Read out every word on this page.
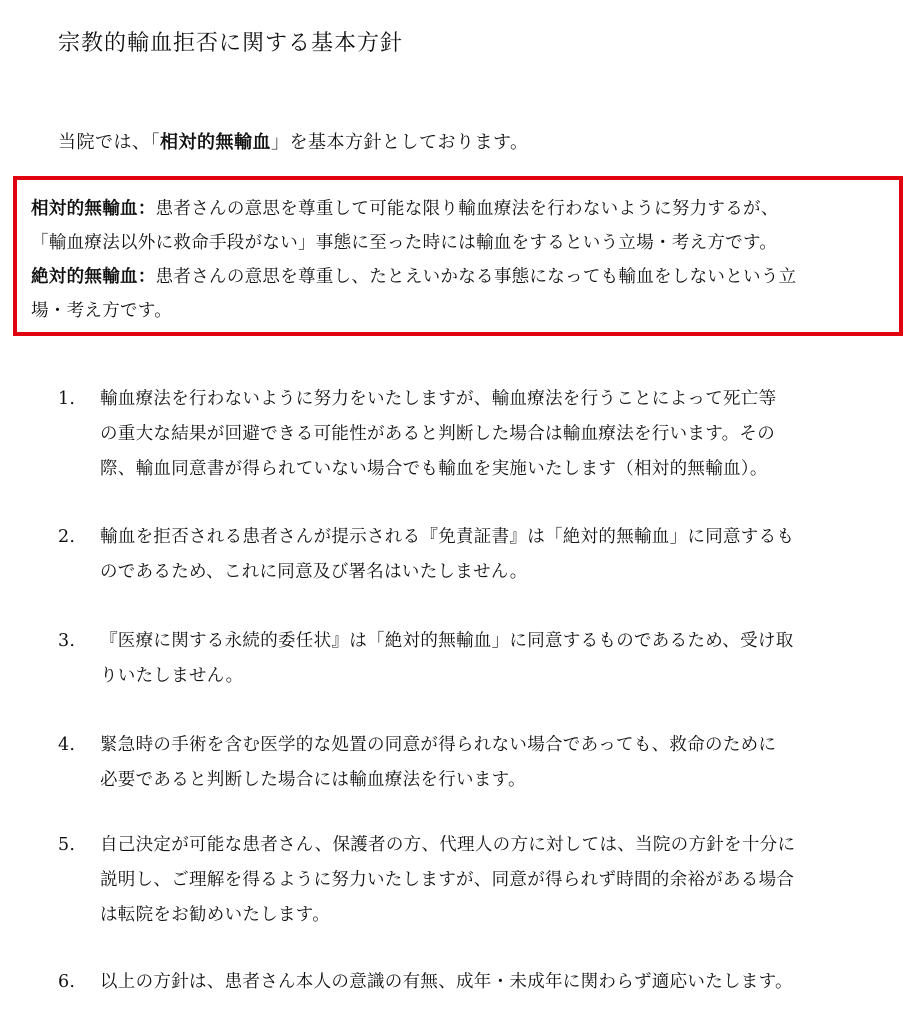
宗教的輸血拒否に関する基本方針
当院では、「相対的無輸血」を基本方針としております。
相対的無輸血：患者さんの意思を尊重して可能な限り輸血療法を行わないように努力するが、
「輸血療法以外に救命手段がない」事態に至った時には輸血をするという立場・考え方です。
絶対的無輸血：患者さんの意思を尊重し、たとえいかなる事態になっても輸血をしないという立
場・考え方です。
1.	輸血療法を行わないように努力をいたしますが、輸血療法を行うことによって死亡等
の重大な結果が回避できる可能性があると判断した場合は輸血療法を行います。その
際、輸血同意書が得られていない場合でも輸血を実施いたします（相対的無輸血）。
2.	輸血を拒否される患者さんが提示される『免責証書』は「絶対的無輸血」に同意するも
のであるため、これに同意及び署名はいたしません。
3.	『医療に関する永続的委任状』は「絶対的無輸血」に同意するものであるため、受け取
りいたしません。
4.	緊急時の手術を含む医学的な処置の同意が得られない場合であっても、救命のために
必要であると判断した場合には輸血療法を行います。
5.	自己決定が可能な患者さん、保護者の方、代理人の方に対しては、当院の方針を十分に
説明し、ご理解を得るように努力いたしますが、同意が得られず時間的余裕がある場合
は転院をお勧めいたします。
6.	以上の方針は、患者さん本人の意識の有無、成年・未成年に関わらず適応いたします。
